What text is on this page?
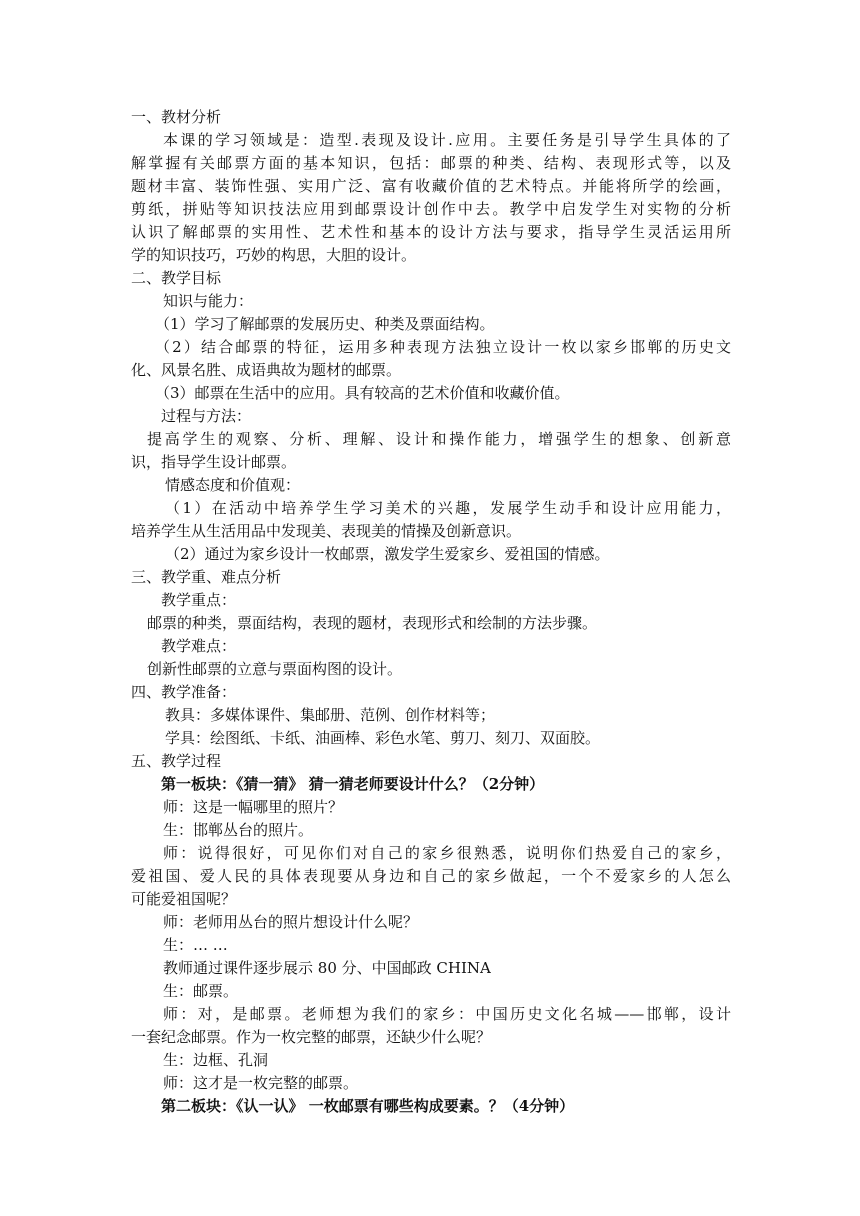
一、教材分析
本课的学习领域是：造型.表现及设计.应用。主要任务是引导学生具体的了
解掌握有关邮票方面的基本知识，包括：邮票的种类、结构、表现形式等，以及
题材丰富、装饰性强、实用广泛、富有收藏价值的艺术特点。并能将所学的绘画，
剪纸，拼贴等知识技法应用到邮票设计创作中去。教学中启发学生对实物的分析
认识了解邮票的实用性、艺术性和基本的设计方法与要求，指导学生灵活运用所
学的知识技巧，巧妙的构思，大胆的设计。
二、教学目标
知识与能力：
（1）学习了解邮票的发展历史、种类及票面结构。
（2）结合邮票的特征，运用多种表现方法独立设计一枚以家乡邯郸的历史文
化、风景名胜、成语典故为题材的邮票。
（3）邮票在生活中的应用。具有较高的艺术价值和收藏价值。
过程与方法：
提高学生的观察、分析、理解、设计和操作能力，增强学生的想象、创新意
识，指导学生设计邮票。
情感态度和价值观：
（1）在活动中培养学生学习美术的兴趣，发展学生动手和设计应用能力，
培养学生从生活用品中发现美、表现美的情操及创新意识。
（2）通过为家乡设计一枚邮票，激发学生爱家乡、爱祖国的情感。
三、教学重、难点分析
教学重点：
邮票的种类，票面结构，表现的题材，表现形式和绘制的方法步骤。
教学难点：
创新性邮票的立意与票面构图的设计。
四、教学准备：
教具：多媒体课件、集邮册、范例、创作材料等；
学具：绘图纸、卡纸、油画棒、彩色水笔、剪刀、刻刀、双面胶。
五、教学过程
第一板块：《猜一猜》 猜一猜老师要设计什么？（2分钟）
师：这是一幅哪里的照片？
生：邯郸丛台的照片。
师：说得很好，可见你们对自己的家乡很熟悉，说明你们热爱自己的家乡，
爱祖国、爱人民的具体表现要从身边和自己的家乡做起，一个不爱家乡的人怎么
可能爱祖国呢？
师：老师用丛台的照片想设计什么呢？
生：… …
教师通过课件逐步展示 80 分、中国邮政 CHINA
生：邮票。
师：对，是邮票。老师想为我们的家乡：中国历史文化名城——邯郸，设计
一套纪念邮票。作为一枚完整的邮票，还缺少什么呢？
生：边框、孔洞
师：这才是一枚完整的邮票。
第二板块：《认一认》 一枚邮票有哪些构成要素。？（4分钟）
